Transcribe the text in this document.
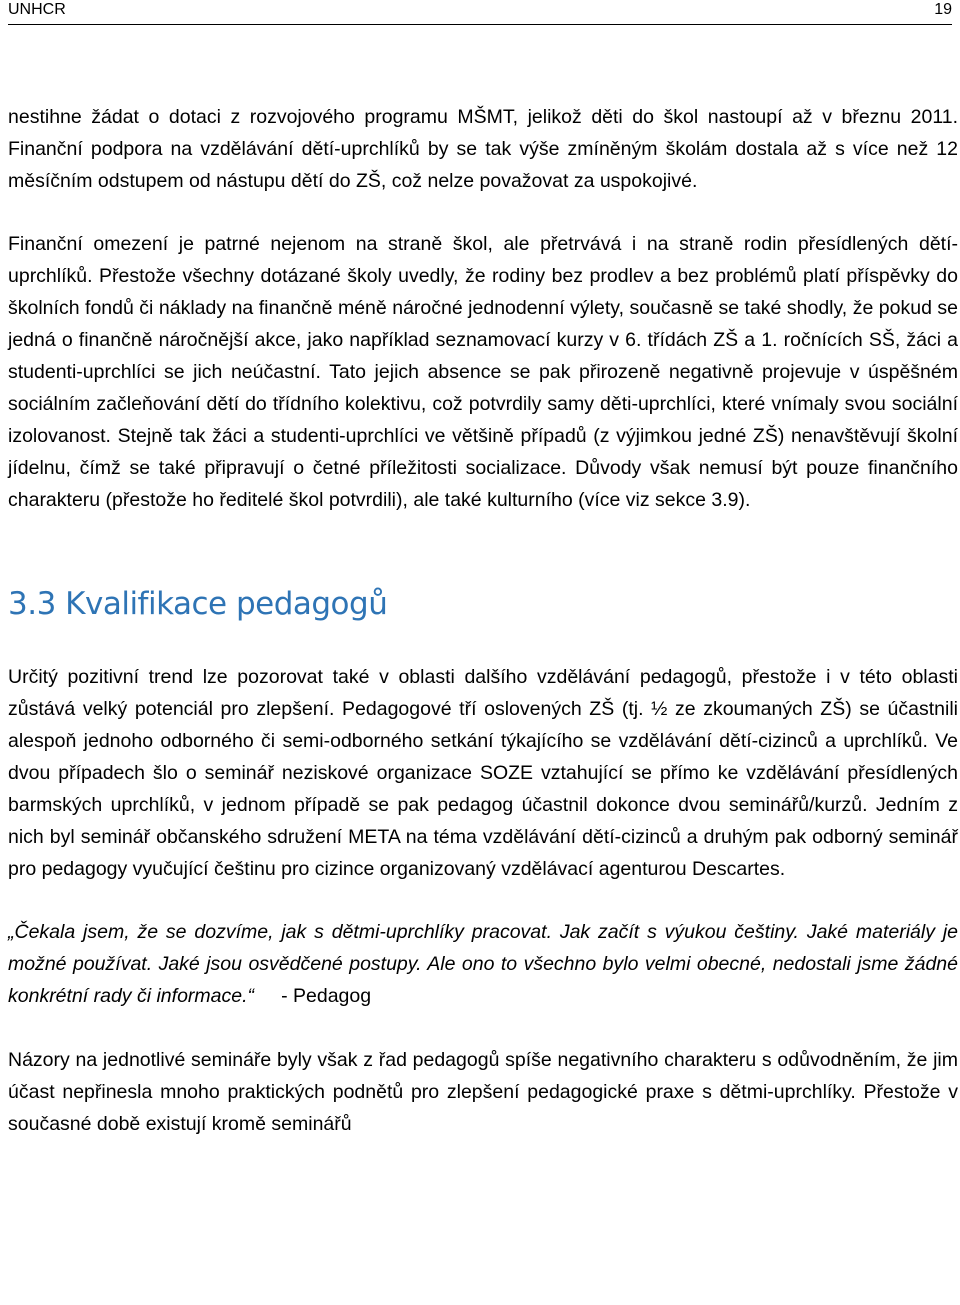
UNHCR	19

nestihne žádat o dotaci z rozvojového programu MŠMT, jelikož děti do škol nastoupí až v březnu 2011. Finanční podpora na vzdělávání dětí-uprchlíků by se tak výše zmíněným školám dostala až s více než 12 měsíčním odstupem od nástupu dětí do ZŠ, což nelze považovat za uspokojivé.

Finanční omezení je patrné nejenom na straně škol, ale přetrvává i na straně rodin přesídlených dětí-uprchlíků. Přestože všechny dotázané školy uvedly, že rodiny bez prodlev a bez problémů platí příspěvky do školních fondů či náklady na finančně méně náročné jednodenní výlety, současně se také shodly, že pokud se jedná o finančně náročnější akce, jako například seznamovací kurzy v 6. třídách ZŠ a 1. ročnících SŠ, žáci a studenti-uprchlíci se jich neúčastní. Tato jejich absence se pak přirozeně negativně projevuje v úspěšném sociálním začleňování dětí do třídního kolektivu, což potvrdily samy děti-uprchlíci, které vnímaly svou sociální izolovanost. Stejně tak žáci a studenti-uprchlíci ve většině případů (z výjimkou jedné ZŠ) nenavštěvují školní jídelnu, čímž se také připravují o četné příležitosti socializace. Důvody však nemusí být pouze finančního charakteru (přestože ho ředitelé škol potvrdili), ale také kulturního (více viz sekce 3.9).

3.3 Kvalifikace pedagogů

Určitý pozitivní trend lze pozorovat také v oblasti dalšího vzdělávání pedagogů, přestože i v této oblasti zůstává velký potenciál pro zlepšení. Pedagogové tří oslovených ZŠ (tj. ½ ze zkoumaných ZŠ) se účastnili alespoň jednoho odborného či semi-odborného setkání týkajícího se vzdělávání dětí-cizinců a uprchlíků. Ve dvou případech šlo o seminář neziskové organizace SOZE vztahující se přímo ke vzdělávání přesídlených barmských uprchlíků, v jednom případě se pak pedagog účastnil dokonce dvou seminářů/kurzů. Jedním z nich byl seminář občanského sdružení META na téma vzdělávání dětí-cizinců a druhým pak odborný seminář pro pedagogy vyučující češtinu pro cizince organizovaný vzdělávací agenturou Descartes.

„Čekala jsem, že se dozvíme, jak s dětmi-uprchlíky pracovat. Jak začít s výukou češtiny. Jaké materiály je možné používat. Jaké jsou osvědčené postupy. Ale ono to všechno bylo velmi obecné, nedostali jsme žádné konkrétní rady či informace.“ - Pedagog

Názory na jednotlivé semináře byly však z řad pedagogů spíše negativního charakteru s odůvodněním, že jim účast nepřinesla mnoho praktických podnětů pro zlepšení pedagogické praxe s dětmi-uprchlíky. Přestože v současné době existují kromě seminářů
